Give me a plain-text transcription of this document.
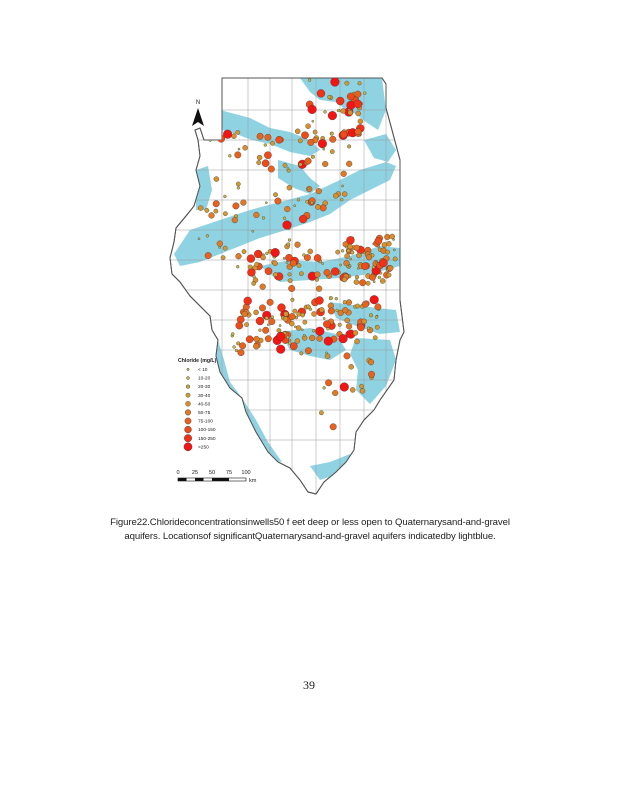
N
Chloride (mg/L)
< 10
10-20
20-30
30-40
40-50
50-75
75-100
100-150
150-250
>250
0 25 50 75 100
km
Figure22.Chlorideconcentrationsinwells50 f eet deep or less open to Quaternarysand-and-gravel
aquifers. Locationsof significantQuaternarysand-and-gravel aquifers indicatedby lightblue.
39
